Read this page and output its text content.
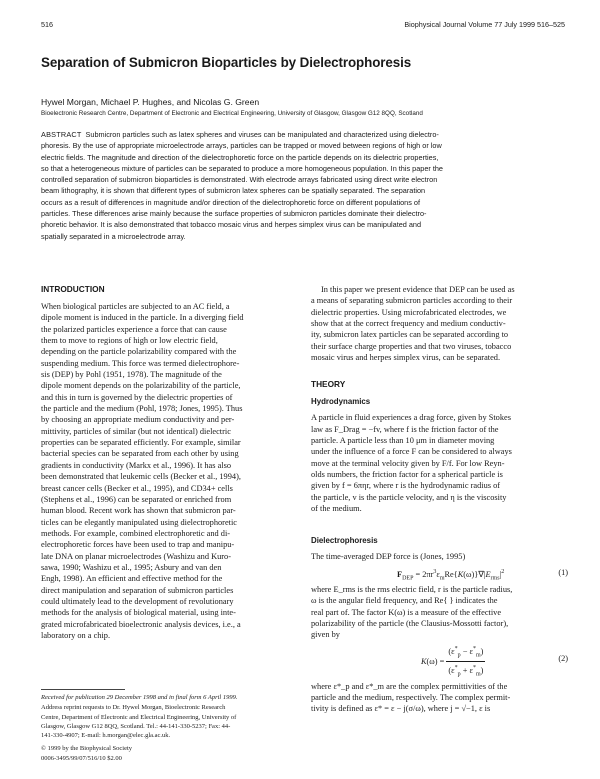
516	Biophysical Journal Volume 77 July 1999 516–525
Separation of Submicron Bioparticles by Dielectrophoresis
Hywel Morgan, Michael P. Hughes, and Nicolas G. Green
Bioelectronic Research Centre, Department of Electronic and Electrical Engineering, University of Glasgow, Glasgow G12 8QQ, Scotland
ABSTRACT Submicron particles such as latex spheres and viruses can be manipulated and characterized using dielectro-
phoresis. By the use of appropriate microelectrode arrays, particles can be trapped or moved between regions of high or low
electric fields. The magnitude and direction of the dielectrophoretic force on the particle depends on its dielectric properties,
so that a heterogeneous mixture of particles can be separated to produce a more homogeneous population. In this paper the
controlled separation of submicron bioparticles is demonstrated. With electrode arrays fabricated using direct write electron
beam lithography, it is shown that different types of submicron latex spheres can be spatially separated. The separation
occurs as a result of differences in magnitude and/or direction of the dielectrophoretic force on different populations of
particles. These differences arise mainly because the surface properties of submicron particles dominate their dielectro-
phoretic behavior. It is also demonstrated that tobacco mosaic virus and herpes simplex virus can be manipulated and
spatially separated in a microelectrode array.
INTRODUCTION
When biological particles are subjected to an AC field, a
dipole moment is induced in the particle. In a diverging field
the polarized particles experience a force that can cause
them to move to regions of high or low electric field,
depending on the particle polarizability compared with the
suspending medium. This force was termed dielectrophore-
sis (DEP) by Pohl (1951, 1978). The magnitude of the
dipole moment depends on the polarizability of the particle,
and this in turn is governed by the dielectric properties of
the particle and the medium (Pohl, 1978; Jones, 1995). Thus
by choosing an appropriate medium conductivity and per-
mittivity, particles of similar (but not identical) dielectric
properties can be separated efficiently. For example, similar
bacterial species can be separated from each other by using
gradients in conductivity (Markx et al., 1996). It has also
been demonstrated that leukemic cells (Becker et al., 1994),
breast cancer cells (Becker et al., 1995), and CD34+ cells
(Stephens et al., 1996) can be separated or enriched from
human blood. Recent work has shown that submicron par-
ticles can be elegantly manipulated using dielectrophoretic
methods. For example, combined electrophoretic and di-
electrophoretic forces have been used to trap and manipu-
late DNA on planar microelectrodes (Washizu and Kuro-
sawa, 1990; Washizu et al., 1995; Asbury and van den
Engh, 1998). An efficient and effective method for the
direct manipulation and separation of submicron particles
could ultimately lead to the development of revolutionary
methods for the analysis of biological material, using inte-
grated microfabricated bioelectronic analysis devices, i.e., a
laboratory on a chip.
Received for publication 29 December 1998 and in final form 6 April 1999.
Address reprint requests to Dr. Hywel Morgan, Bioelectronic Research
Centre, Department of Electronic and Electrical Engineering, University of
Glasgow, Glasgow G12 8QQ, Scotland. Tel.: 44-141-330-5237; Fax: 44-
141-330-4907; E-mail: h.morgan@elec.gla.ac.uk.
© 1999 by the Biophysical Society
0006-3495/99/07/516/10 $2.00
In this paper we present evidence that DEP can be used as
a means of separating submicron particles according to their
dielectric properties. Using microfabricated electrodes, we
show that at the correct frequency and medium conductiv-
ity, submicron latex particles can be separated according to
their surface charge properties and that two viruses, tobacco
mosaic virus and herpes simplex virus, can be separated.
THEORY
Hydrodynamics
A particle in fluid experiences a drag force, given by Stokes
law as F_Drag = −fv, where f is the friction factor of the
particle. A particle less than 10 μm in diameter moving
under the influence of a force F can be considered to always
move at the terminal velocity given by F/f. For low Reyn-
olds numbers, the friction factor for a spherical particle is
given by f = 6πηr, where r is the hydrodynamic radius of
the particle, v is the particle velocity, and η is the viscosity
of the medium.
Dielectrophoresis
The time-averaged DEP force is (Jones, 1995)
$F_{DEP} = 2\pi r^3\varepsilon_mRe\{K(\omega)\}\nabla|E_{rms}|^2$	(1)
where E_rms is the rms electric field, r is the particle radius,
ω is the angular field frequency, and Re{ } indicates the
real part of. The factor K(ω) is a measure of the effective
polarizability of the particle (the Clausius-Mossotti factor),
given by
$K(\omega) = \frac{(\varepsilon^*_p - \varepsilon^*_m)}{(\varepsilon^*_p + \varepsilon^*_m)}$	(2)
where ε*_p and ε*_m are the complex permittivities of the
particle and the medium, respectively. The complex permit-
tivity is defined as ε* = ε − j(σ/ω), where j = √−1, ε is
